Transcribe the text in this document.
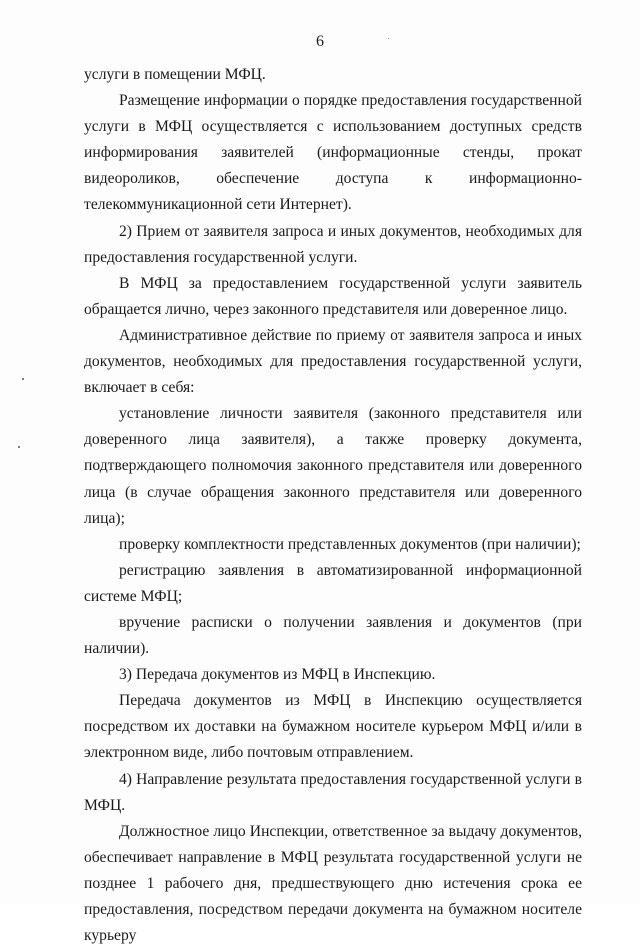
6

услуги в помещении МФЦ.

Размещение информации о порядке предоставления государственной услуги в МФЦ осуществляется с использованием доступных средств информирования заявителей (информационные стенды, прокат видеороликов, обеспечение доступа к информационно-телекоммуникационной сети Интернет).

2) Прием от заявителя запроса и иных документов, необходимых для предоставления государственной услуги.

В МФЦ за предоставлением государственной услуги заявитель обращается лично, через законного представителя или доверенное лицо.

Административное действие по приему от заявителя запроса и иных документов, необходимых для предоставления государственной услуги, включает в себя:

установление личности заявителя (законного представителя или доверенного лица заявителя), а также проверку документа, подтверждающего полномочия законного представителя или доверенного лица (в случае обращения законного представителя или доверенного лица);

проверку комплектности представленных документов (при наличии);

регистрацию заявления в автоматизированной информационной системе МФЦ;

вручение расписки о получении заявления и документов (при наличии).

3) Передача документов из МФЦ в Инспекцию.

Передача документов из МФЦ в Инспекцию осуществляется посредством их доставки на бумажном носителе курьером МФЦ и/или в электронном виде, либо почтовым отправлением.

4) Направление результата предоставления государственной услуги в МФЦ.

Должностное лицо Инспекции, ответственное за выдачу документов, обеспечивает направление в МФЦ результата государственной услуги не позднее 1 рабочего дня, предшествующего дню истечения срока ее предоставления, посредством передачи документа на бумажном носителе курьеру
